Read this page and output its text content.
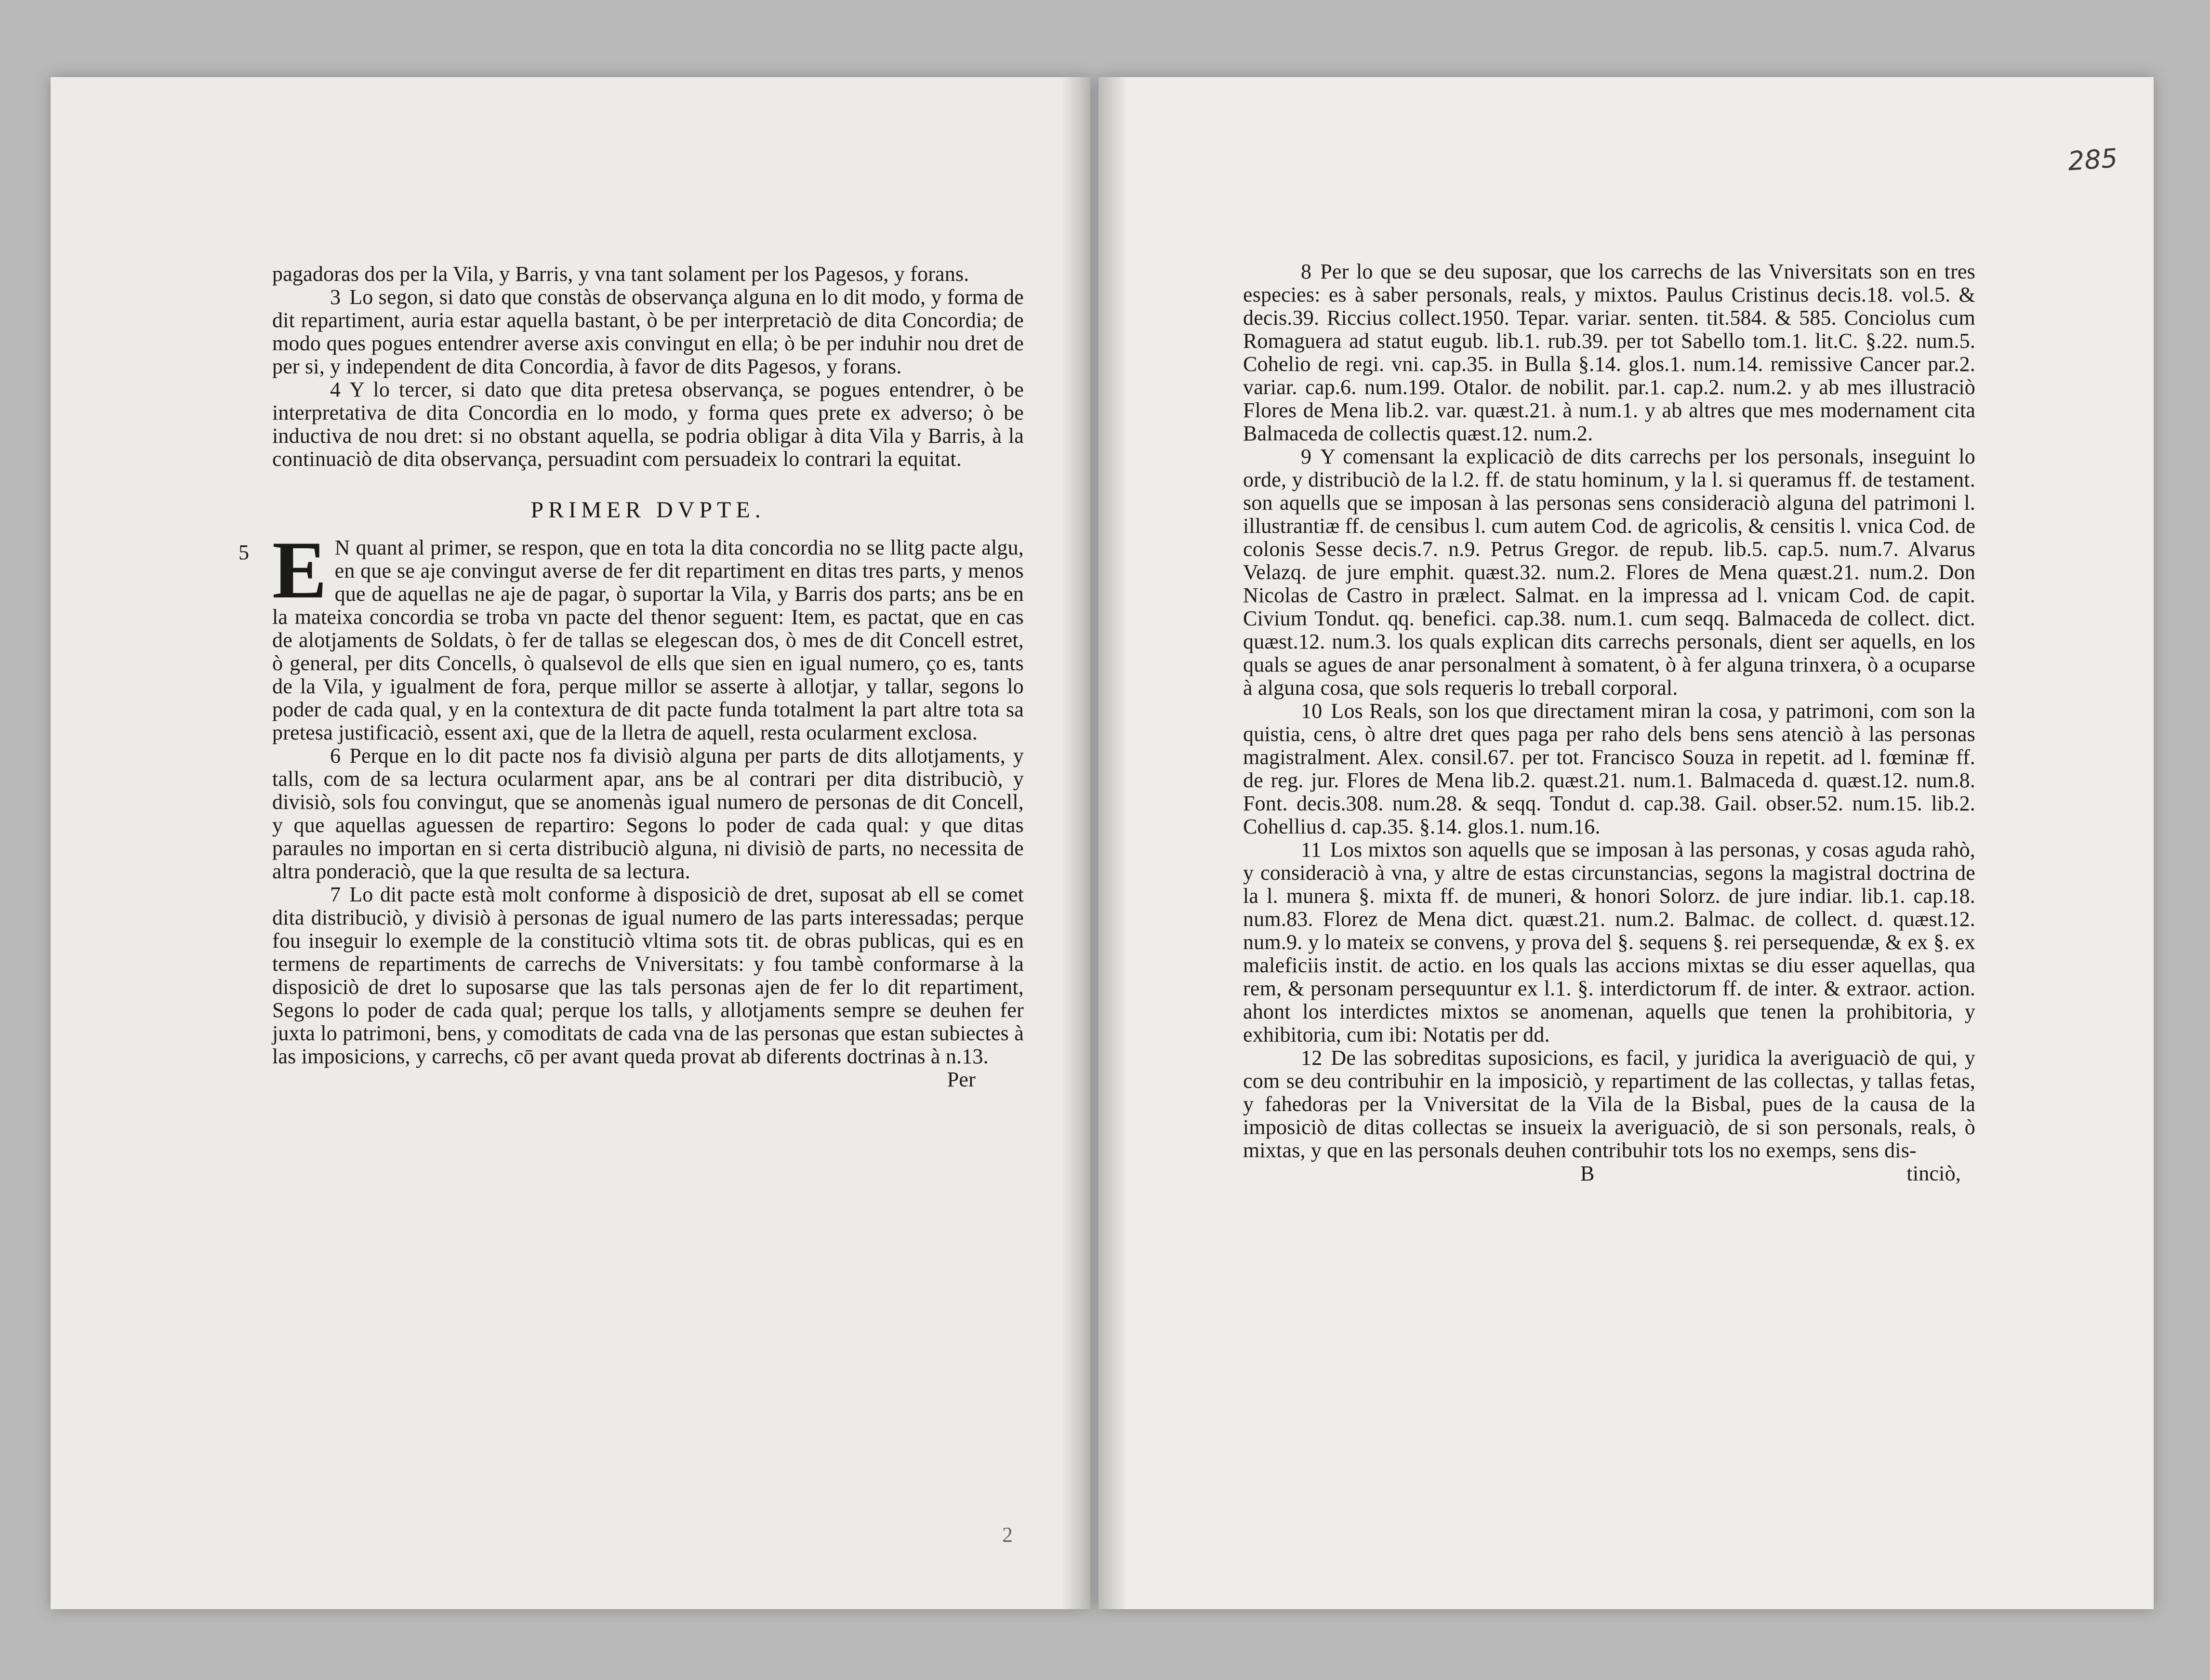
pagadoras dos per la Vila, y Barris, y vna tant solament per los Pagesos, y forans.

3 Lo segon, si dato que constàs de observança alguna en lo dit modo, y forma de dit repartiment, auria estar aquella bastant, ò be per interpretaciò de dita Concordia; de modo ques pogues entendrer averse axis convingut en ella; ò be per induhir nou dret de per si, y independent de dita Concordia, à favor de dits Pagesos, y forans.

4 Y lo tercer, si dato que dita pretesa observança, se pogues entendrer, ò be interpretativa de dita Concordia en lo modo, y forma ques prete ex adverso; ò be inductiva de nou dret: si no obstant aquella, se podria obligar à dita Vila y Barris, à la continuaciò de dita observança, persuadint com persuadeix lo contrari la equitat.

PRIMER DVPTE.

5 E N quant al primer, se respon, que en tota la dita concordia no se llitg pacte algu, en que se aje convingut averse de fer dit repartiment en ditas tres parts, y menos que de aquellas ne aje de pagar, ò suportar la Vila, y Barris dos parts; ans be en la mateixa concordia se troba vn pacte del thenor seguent: Item, es pactat, que en cas de alotjaments de Soldats, ò fer de tallas se elegescan dos, ò mes de dit Concell estret, ò general, per dits Concells, ò qualsevol de ells que sien en igual numero, ço es, tants de la Vila, y igualment de fora, perque millor se asserte à allotjar, y tallar, segons lo poder de cada qual, y en la contextura de dit pacte funda totalment la part altre tota sa pretesa justificaciò, essent axi, que de la lletra de aquell, resta ocularment exclosa.

6 Perque en lo dit pacte nos fa divisiò alguna per parts de dits allotjaments, y talls, com de sa lectura ocularment apar, ans be al contrari per dita distribuciò, y divisiò, sols fou convingut, que se anomenàs igual numero de personas de dit Concell, y que aquellas aguessen de repartiro: Segons lo poder de cada qual: y que ditas paraules no importan en si certa distribuciò alguna, ni divisiò de parts, no necessita de altra ponderaciò, que la que resulta de sa lectura.

7 Lo dit pacte està molt conforme à disposiciò de dret, suposat ab ell se comet dita distribuciò, y divisiò à personas de igual numero de las parts interessadas; perque fou inseguir lo exemple de la constituciò vltima sots tit. de obras publicas, qui es en termens de repartiments de carrechs de Vniversitats: y fou tambè conformarse à la disposiciò de dret lo suposarse que las tals personas ajen de fer lo dit repartiment, Segons lo poder de cada qual; perque los talls, y allotjaments sempre se deuhen fer juxta lo patrimoni, bens, y comoditats de cada vna de las personas que estan subiectes à las imposicions, y carrechs, cō per avant queda provat ab diferents doctrinas à n.13.

Per

2
285

8 Per lo que se deu suposar, que los carrechs de las Vniversitats son en tres especies: es à saber personals, reals, y mixtos. Paulus Cristinus decis.18. vol.5. & decis.39. Riccius collect.1950. Tepar. variar. senten. tit.584. & 585. Conciolus cum Romaguera ad statut eugub. lib.1. rub.39. per tot Sabello tom.1. lit.C. §.22. num.5. Cohelio de regi. vni. cap.35. in Bulla §.14. glos.1. num.14. remissive Cancer par.2. variar. cap.6. num.199. Otalor. de nobilit. par.1. cap.2. num.2. y ab mes illustraciò Flores de Mena lib.2. var. quæst.21. à num.1. y ab altres que mes modernament cita Balmaceda de collectis quæst.12. num.2.

9 Y comensant la explicaciò de dits carrechs per los personals, inseguint lo orde, y distribuciò de la l.2. ff. de statu hominum, y la l. si queramus ff. de testament. son aquells que se imposan à las personas sens consideraciò alguna del patrimoni l. illustrantiæ ff. de censibus l. cum autem Cod. de agricolis, & censitis l. vnica Cod. de colonis Sesse decis.7. n.9. Petrus Gregor. de repub. lib.5. cap.5. num.7. Alvarus Velazq. de jure emphit. quæst.32. num.2. Flores de Mena quæst.21. num.2. Don Nicolas de Castro in prælect. Salmat. en la impressa ad l. vnicam Cod. de capit. Civium Tondut. qq. benefici. cap.38. num.1. cum seqq. Balmaceda de collect. dict. quæst.12. num.3. los quals explican dits carrechs personals, dient ser aquells, en los quals se agues de anar personalment à somatent, ò à fer alguna trinxera, ò a ocuparse à alguna cosa, que sols requeris lo treball corporal.

10 Los Reals, son los que directament miran la cosa, y patrimoni, com son la quistia, cens, ò altre dret ques paga per raho dels bens sens atenciò à las personas magistralment. Alex. consil.67. per tot. Francisco Souza in repetit. ad l. fœminæ ff. de reg. jur. Flores de Mena lib.2. quæst.21. num.1. Balmaceda d. quæst.12. num.8. Font. decis.308. num.28. & seqq. Tondut d. cap.38. Gail. obser.52. num.15. lib.2. Cohellius d. cap.35. §.14. glos.1. num.16.

11 Los mixtos son aquells que se imposan à las personas, y cosas aguda rahò, y consideraciò à vna, y altre de estas circunstancias, segons la magistral doctrina de la l. munera §. mixta ff. de muneri, & honori Solorz. de jure indiar. lib.1. cap.18. num.83. Florez de Mena dict. quæst.21. num.2. Balmac. de collect. d. quæst.12. num.9. y lo mateix se convens, y prova del §. sequens §. rei persequendæ, & ex §. ex maleficiis instit. de actio. en los quals las accions mixtas se diu esser aquellas, qua rem, & personam persequuntur ex l.1. §. interdictorum ff. de inter. & extraor. action. ahont los interdictes mixtos se anomenan, aquells que tenen la prohibitoria, y exhibitoria, cum ibi: Notatis per dd.

12 De las sobreditas suposicions, es facil, y juridica la averiguaciò de qui, y com se deu contribuhir en la imposiciò, y repartiment de las collectas, y tallas fetas, y fahedoras per la Vniversitat de la Vila de la Bisbal, pues de la causa de la imposiciò de ditas collectas se insueix la averiguaciò, de si son personals, reals, ò mixtas, y que en las personals deuhen contribuhir tots los no exemps, sens dis-

B	tinciò,
